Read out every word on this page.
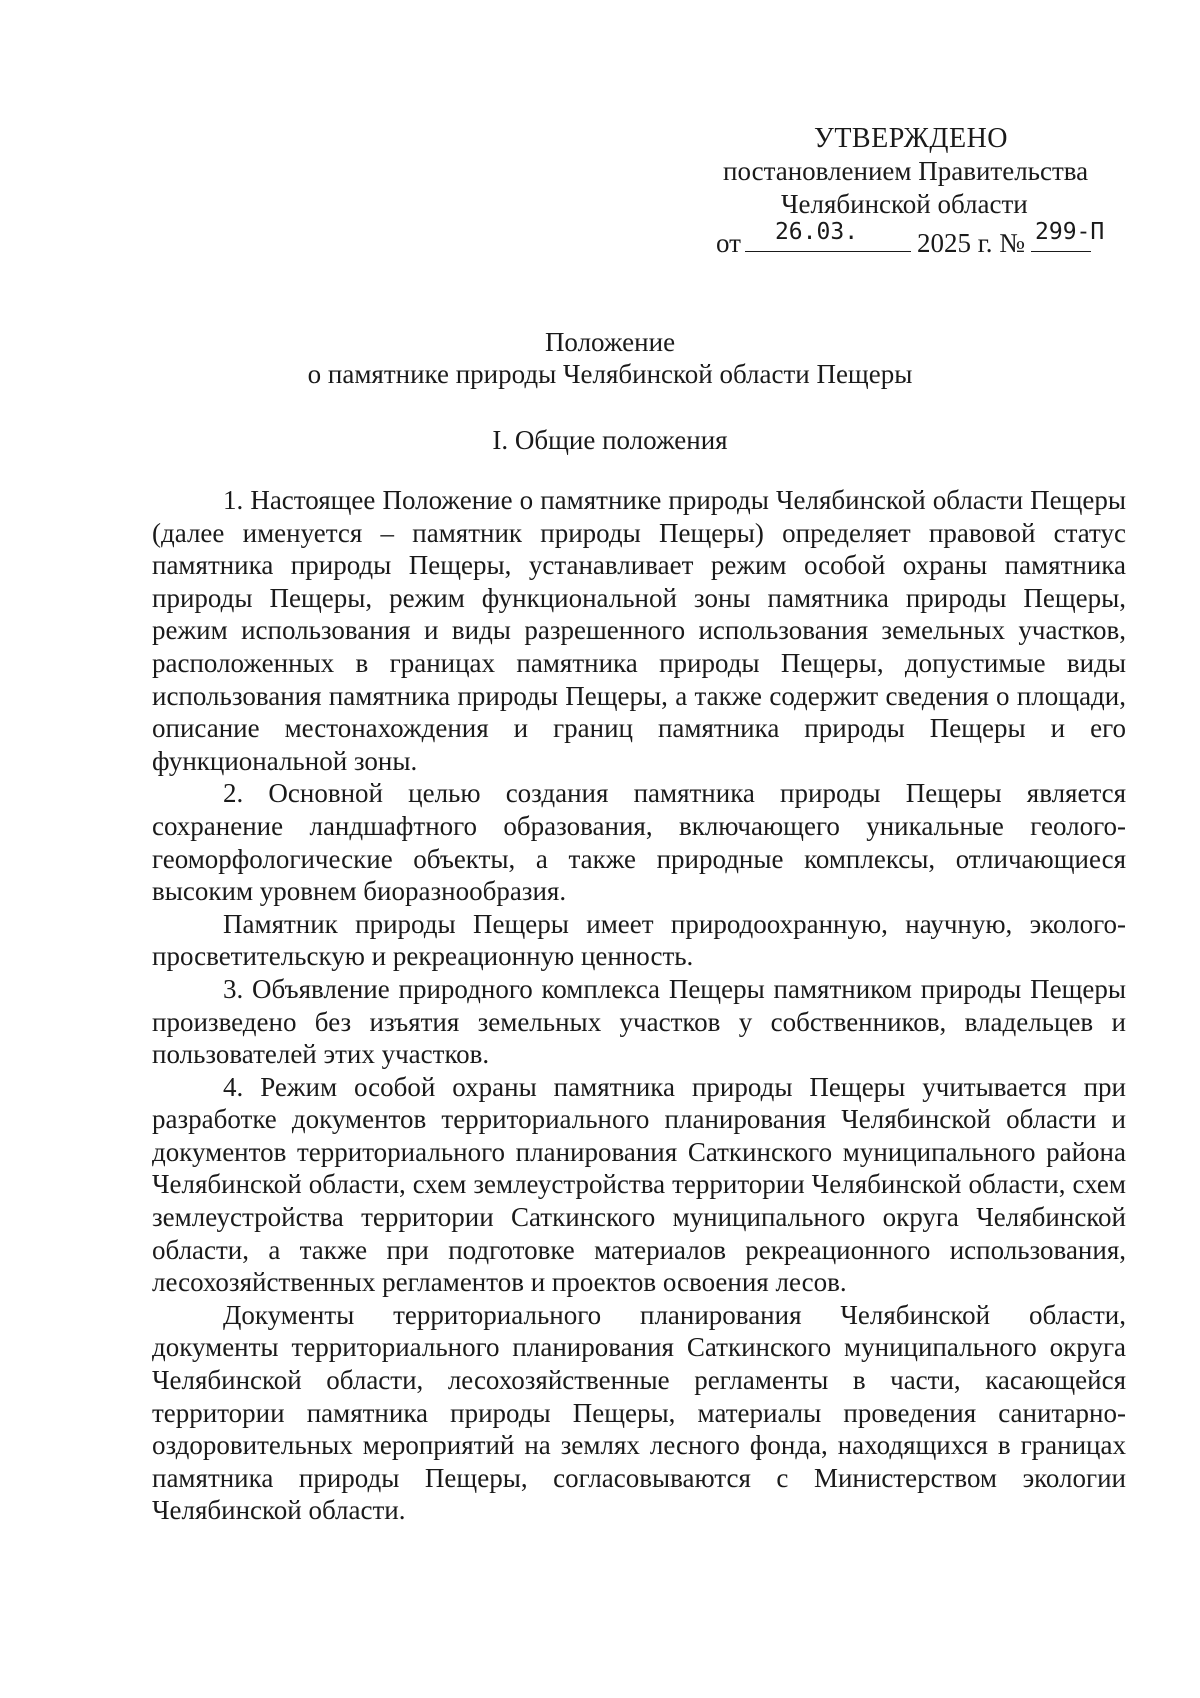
УТВЕРЖДЕНО
постановлением Правительства
Челябинской области
от 26.03. 2025 г. № 299-П
Положение
о памятнике природы Челябинской области Пещеры
I. Общие положения

1. Настоящее Положение о памятнике природы Челябинской области Пещеры (далее именуется – памятник природы Пещеры) определяет правовой статус памятника природы Пещеры, устанавливает режим особой охраны памятника природы Пещеры, режим функциональной зоны памятника природы Пещеры, режим использования и виды разрешенного использования земельных участков, расположенных в границах памятника природы Пещеры, допустимые виды использования памятника природы Пещеры, а также содержит сведения о площади, описание местонахождения и границ памятника природы Пещеры и его функциональной зоны.

2. Основной целью создания памятника природы Пещеры является сохранение ландшафтного образования, включающего уникальные геолого-геоморфологические объекты, а также природные комплексы, отличающиеся высоким уровнем биоразнообразия.

Памятник природы Пещеры имеет природоохранную, научную, эколого-просветительскую и рекреационную ценность.

3. Объявление природного комплекса Пещеры памятником природы Пещеры произведено без изъятия земельных участков у собственников, владельцев и пользователей этих участков.

4. Режим особой охраны памятника природы Пещеры учитывается при разработке документов территориального планирования Челябинской области и документов территориального планирования Саткинского муниципального района Челябинской области, схем землеустройства территории Челябинской области, схем землеустройства территории Саткинского муниципального округа Челябинской области, а также при подготовке материалов рекреационного использования, лесохозяйственных регламентов и проектов освоения лесов.

Документы территориального планирования Челябинской области, документы территориального планирования Саткинского муниципального округа Челябинской области, лесохозяйственные регламенты в части, касающейся территории памятника природы Пещеры, материалы проведения санитарно-оздоровительных мероприятий на землях лесного фонда, находящихся в границах памятника природы Пещеры, согласовываются с Министерством экологии Челябинской области.
